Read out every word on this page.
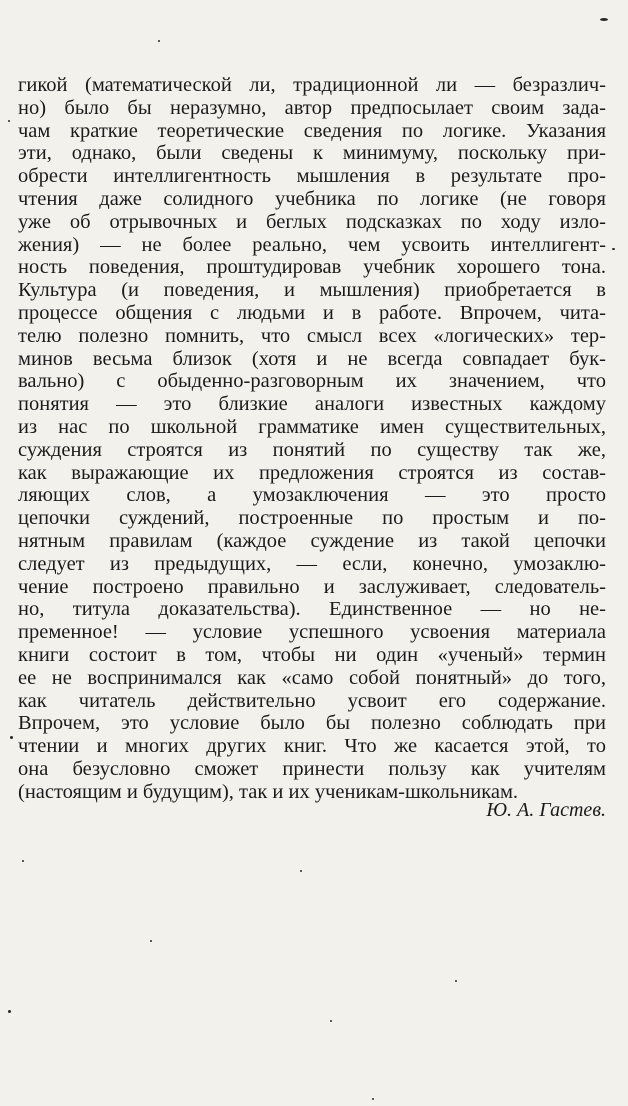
гикой (математической ли, традиционной ли — безразлич-
но) было бы неразумно, автор предпосылает своим зада-
чам краткие теоретические сведения по логике. Указания
эти, однако, были сведены к минимуму, поскольку при-
обрести интеллигентность мышления в результате про-
чтения даже солидного учебника по логике (не говоря
уже об отрывочных и беглых подсказках по ходу изло-
жения) — не более реально, чем усвоить интеллигент-
ность поведения, проштудировав учебник хорошего тона.
Культура (и поведения, и мышления) приобретается в
процессе общения с людьми и в работе. Впрочем, чита-
телю полезно помнить, что смысл всех «логических» тер-
минов весьма близок (хотя и не всегда совпадает бук-
вально) с обыденно-разговорным их значением, что
понятия — это близкие аналоги известных каждому
из нас по школьной грамматике имен существительных,
суждения строятся из понятий по существу так же,
как выражающие их предложения строятся из состав-
ляющих слов, а умозаключения — это просто
цепочки суждений, построенные по простым и по-
нятным правилам (каждое суждение из такой цепочки
следует из предыдущих, — если, конечно, умозаклю-
чение построено правильно и заслуживает, следователь-
но, титула доказательства). Единственное — но не-
пременное! — условие успешного усвоения материала
книги состоит в том, чтобы ни один «ученый» термин
ее не воспринимался как «само собой понятный» до того,
как читатель действительно усвоит его содержание.
Впрочем, это условие было бы полезно соблюдать при
чтении и многих других книг. Что же касается этой, то
она безусловно сможет принести пользу как учителям
(настоящим и будущим), так и их ученикам-школьникам.
Ю. А. Гастев.
